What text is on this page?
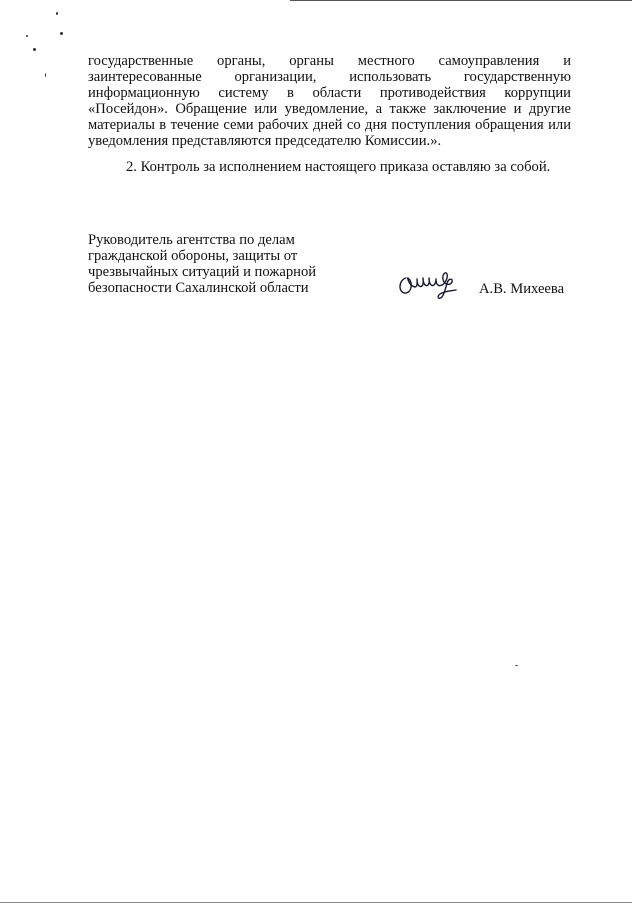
государственные органы, органы местного самоуправления и
заинтересованные организации, использовать государственную
информационную систему в области противодействия коррупции
«Посейдон». Обращение или уведомление, а также заключение и другие
материалы в течение семи рабочих дней со дня поступления обращения или
уведомления представляются председателю Комиссии.».
2. Контроль за исполнением настоящего приказа оставляю за собой.
Руководитель агентства по делам
гражданской обороны, защиты от
чрезвычайных ситуаций и пожарной
безопасности Сахалинской области	А.В. Михеева
